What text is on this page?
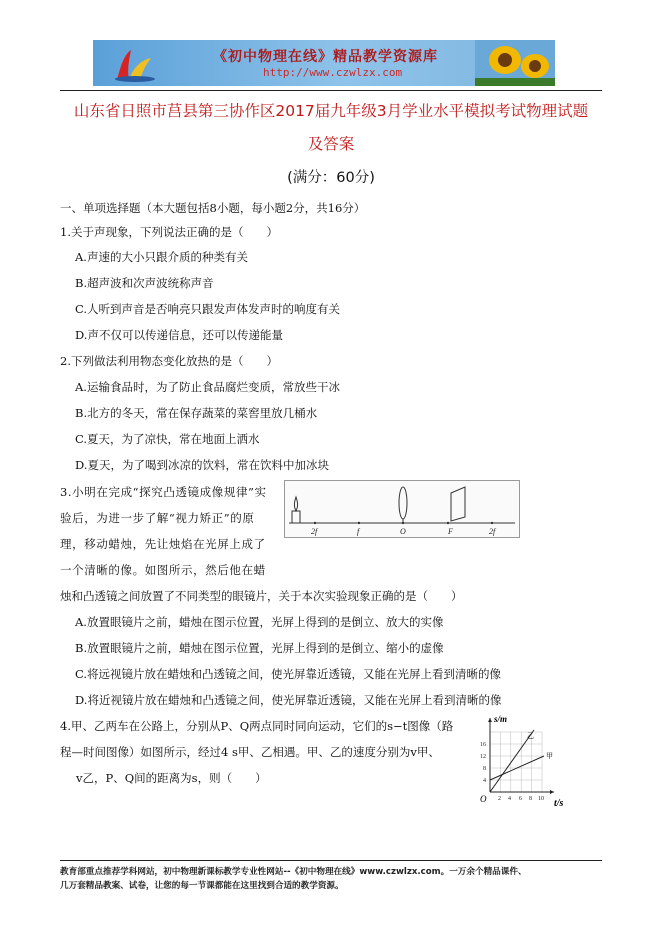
《初中物理在线》精品教学资源库
http://www.czwlzx.com
山东省日照市莒县第三协作区2017届九年级3月学业水平模拟考试物理试题
及答案
(满分：60分)
一、单项选择题（本大题包括8小题，每小题2分，共16分）
1.关于声现象，下列说法正确的是（　　）
A.声速的大小只跟介质的种类有关
B.超声波和次声波统称声音
C.人听到声音是否响亮只跟发声体发声时的响度有关
D.声不仅可以传递信息，还可以传递能量
2.下列做法利用物态变化放热的是（　　）
A.运输食品时，为了防止食品腐烂变质，常放些干冰
B.北方的冬天，常在保存蔬菜的菜窖里放几桶水
C.夏天，为了凉快，常在地面上洒水
D.夏天，为了喝到冰凉的饮料，常在饮料中加冰块
3.小明在完成“探究凸透镜成像规律”实
验后，为进一步了解“视力矫正”的原
理，移动蜡烛，先让烛焰在光屏上成了
一个清晰的像。如图所示，然后他在蜡
烛和凸透镜之间放置了不同类型的眼镜片，关于本次实验现象正确的是（　　）
2f	f	O	F	2f
A.放置眼镜片之前，蜡烛在图示位置，光屏上得到的是倒立、放大的实像
B.放置眼镜片之前，蜡烛在图示位置，光屏上得到的是倒立、缩小的虚像
C.将远视镜片放在蜡烛和凸透镜之间，使光屏靠近透镜，又能在光屏上看到清晰的像
D.将近视镜片放在蜡烛和凸透镜之间，使光屏靠近透镜，又能在光屏上看到清晰的像
4.甲、乙两车在公路上，分别从P、Q两点同时同向运动，它们的s−t图像（路
程—时间图像）如图所示，经过4 s甲、乙相遇。甲、乙的速度分别为v甲、
v乙，P、Q间的距离为s，则（　　）
s/m
t/s
O
4
8
12
16
2 4 6 8 10
乙
甲
教育部重点推荐学科网站，初中物理新课标教学专业性网站--《初中物理在线》www.czwlzx.com。一万余个精品课件、
几万套精品教案、试卷，让您的每一节课都能在这里找到合适的教学资源。
